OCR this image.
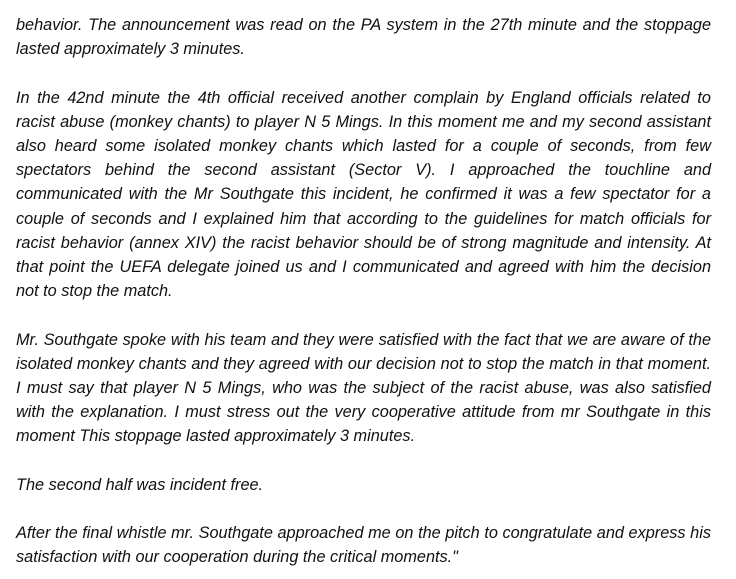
behavior. The announcement was read on the PA system in the 27th minute and the stoppage lasted approximately 3 minutes.

In the 42nd minute the 4th official received another complain by England officials related to racist abuse (monkey chants) to player N 5 Mings. In this moment me and my second assistant also heard some isolated monkey chants which lasted for a couple of seconds, from few spectators behind the second assistant (Sector V). I approached the touchline and communicated with the Mr Southgate this incident, he confirmed it was a few spectator for a couple of seconds and I explained him that according to the guidelines for match officials for racist behavior (annex XIV) the racist behavior should be of strong magnitude and intensity. At that point the UEFA delegate joined us and I communicated and agreed with him the decision not to stop the match.

Mr. Southgate spoke with his team and they were satisfied with the fact that we are aware of the isolated monkey chants and they agreed with our decision not to stop the match in that moment. I must say that player N 5 Mings, who was the subject of the racist abuse, was also satisfied with the explanation. I must stress out the very cooperative attitude from mr Southgate in this moment This stoppage lasted approximately 3 minutes.

The second half was incident free.

After the final whistle mr. Southgate approached me on the pitch to congratulate and express his satisfaction with our cooperation during the critical moments."
